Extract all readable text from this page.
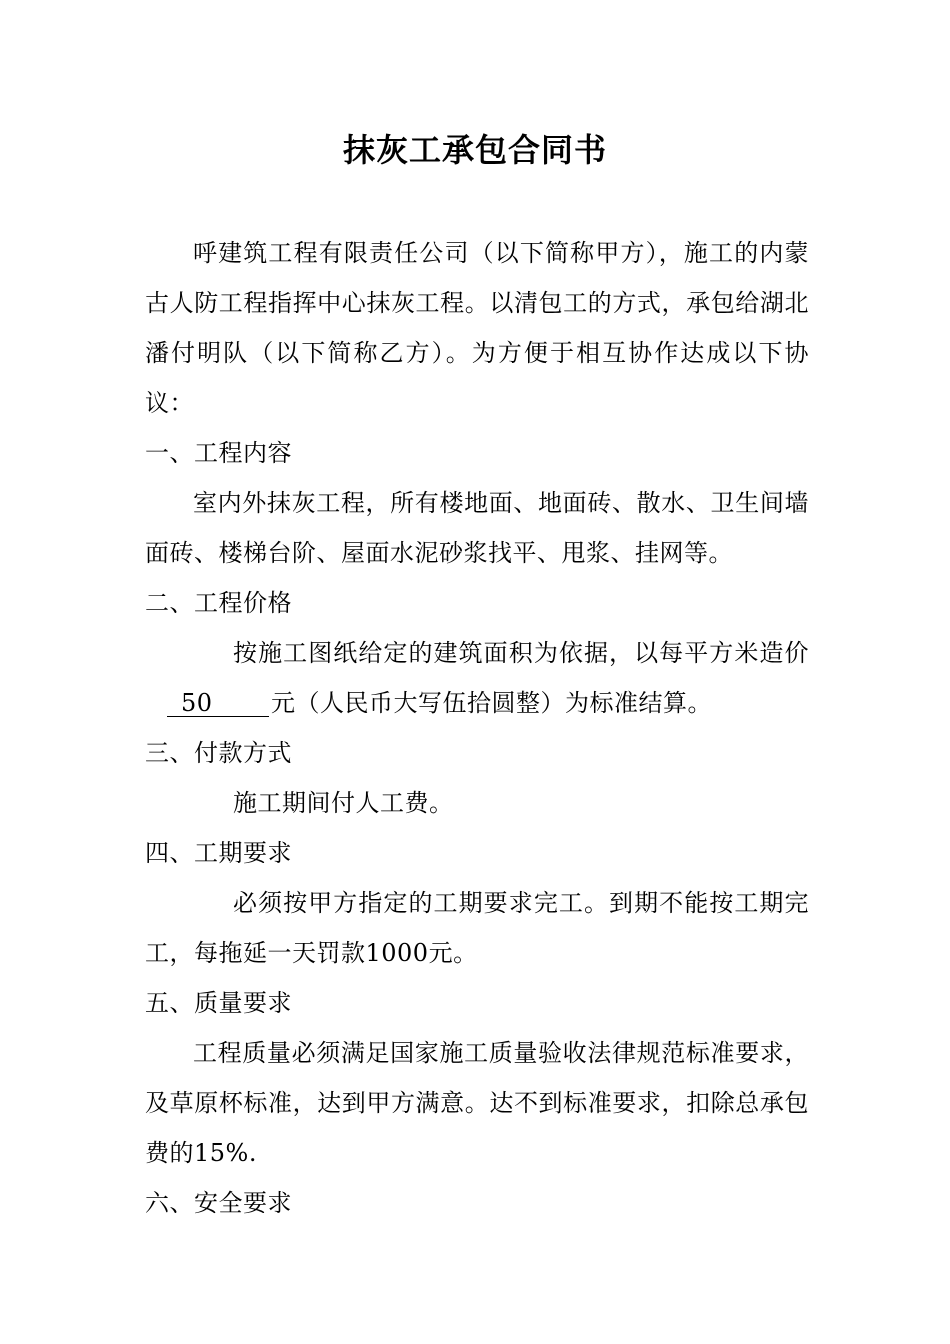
抹灰工承包合同书

呼建筑工程有限责任公司（以下简称甲方），施工的内蒙古人防工程指挥中心抹灰工程。以清包工的方式，承包给湖北潘付明队（以下简称乙方）。为方便于相互协作达成以下协议：

一、工程内容

室内外抹灰工程，所有楼地面、地面砖、散水、卫生间墙面砖、楼梯台阶、屋面水泥砂浆找平、甩浆、挂网等。

二、工程价格

按施工图纸给定的建筑面积为依据，以每平方米造价50 元（人民币大写伍拾圆整）为标准结算。

三、付款方式

施工期间付人工费。

四、工期要求

必须按甲方指定的工期要求完工。到期不能按工期完工，每拖延一天罚款1000元。

五、质量要求

工程质量必须满足国家施工质量验收法律规范标准要求，及草原杯标准，达到甲方满意。达不到标准要求，扣除总承包费的15%.

六、安全要求
